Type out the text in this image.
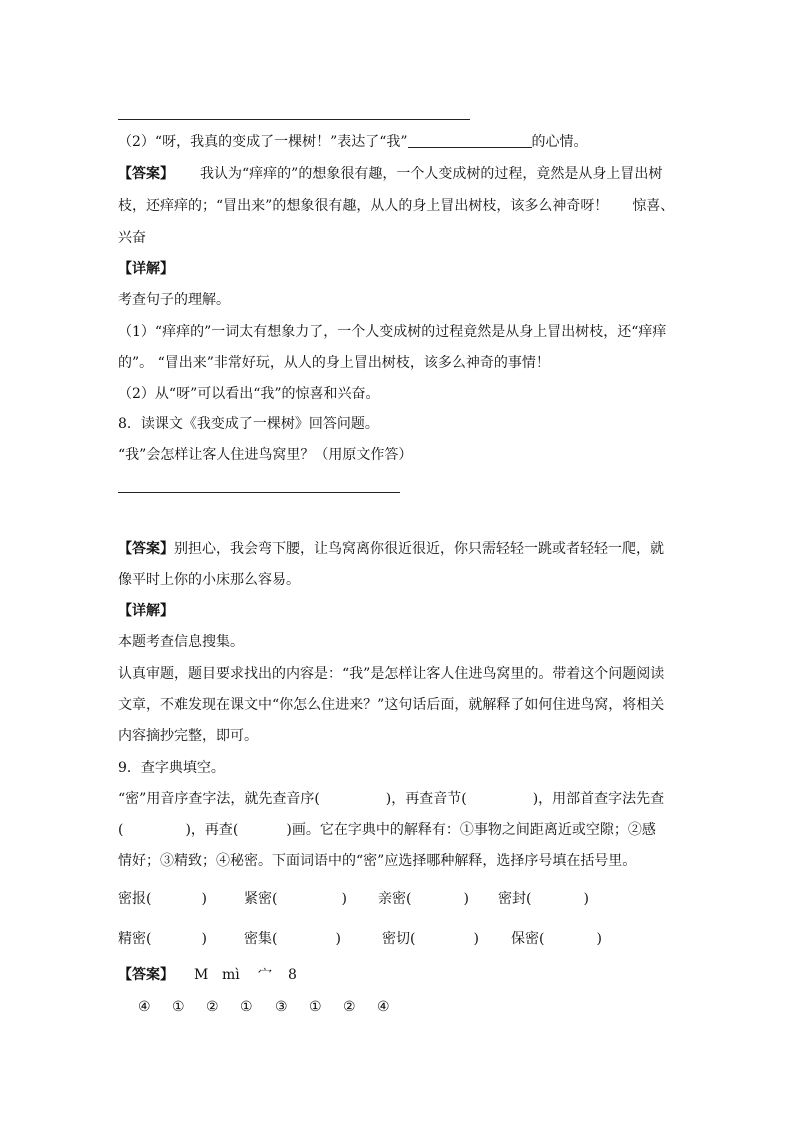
（2）“呀，我真的变成了一棵树！”表达了“我”	的心情。
【答案】 我认为“痒痒的”的想象很有趣，一个人变成树的过程，竟然是从身上冒出树
枝，还痒痒的；“冒出来”的想象很有趣，从人的身上冒出树枝，该多么神奇呀！ 惊喜、
兴奋
【详解】
考查句子的理解。
（1）“痒痒的”一词太有想象力了，一个人变成树的过程竟然是从身上冒出树枝，还“痒痒
的”。 “冒出来”非常好玩，从人的身上冒出树枝，该多么神奇的事情！
（2）从“呀”可以看出“我”的惊喜和兴奋。
8．读课文《我变成了一棵树》回答问题。
“我”会怎样让客人住进鸟窝里？（用原文作答）
【答案】别担心，我会弯下腰，让鸟窝离你很近很近，你只需轻轻一跳或者轻轻一爬，就
像平时上你的小床那么容易。
【详解】
本题考查信息搜集。
认真审题，题目要求找出的内容是：“我”是怎样让客人住进鸟窝里的。带着这个问题阅读
文章，不难发现在课文中“你怎么住进来？”这句话后面，就解释了如何住进鸟窝，将相关
内容摘抄完整，即可。
9．查字典填空。
“密”用音序查字法，就先查音序(	)，再查音节(	)，用部首查字法先查
(	)，再查(	)画。它在字典中的解释有：①事物之间距离近或空隙；②感
情好；③精致；④秘密。下面词语中的“密”应选择哪种解释，选择序号填在括号里。
密报(	)	紧密(	) 亲密(	) 密封(	)
精密(	)	密集(	)	密切(	) 保密(	)
【答案】 M mì 宀 8
④ ① ② ① ③ ① ② ④
